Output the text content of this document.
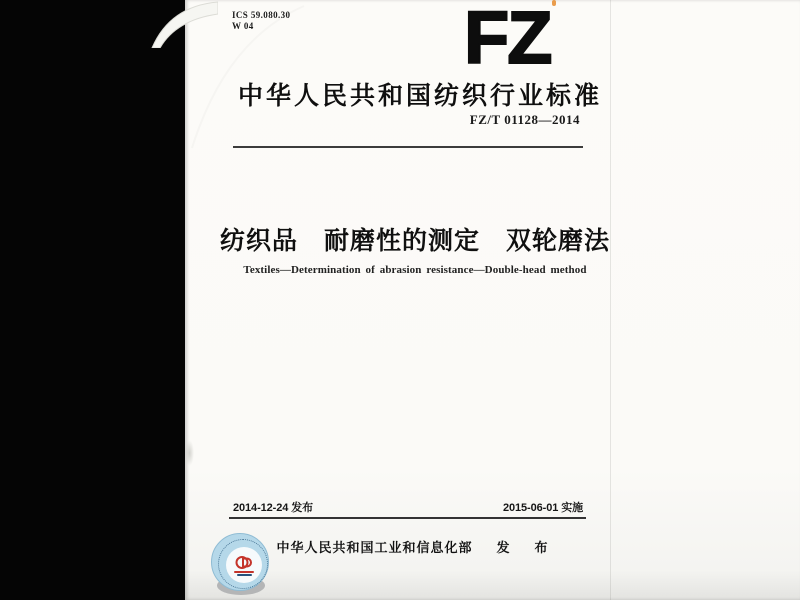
ICS 59.080.30
W 04	FZ
中华人民共和国纺织行业标准
FZ/T 01128—2014
纺织品　耐磨性的测定　双轮磨法
Textiles—Determination of abrasion resistance—Double-head method
2014-12-24 发布	2015-06-01 实施
中华人民共和国工业和信息化部 发　布
